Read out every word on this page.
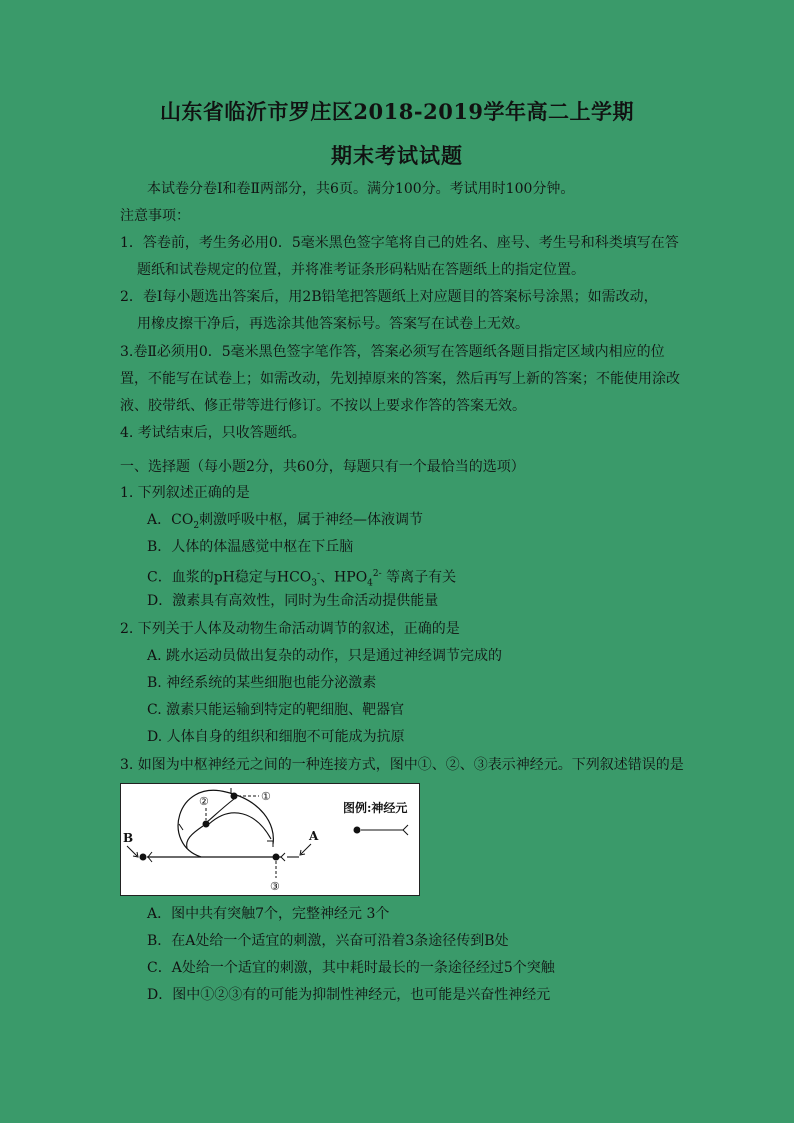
山东省临沂市罗庄区2018-2019学年高二上学期
期末考试试题
本试卷分卷Ⅰ和卷Ⅱ两部分，共6页。满分100分。考试用时100分钟。
注意事项：
1．答卷前，考生务必用0．5毫米黑色签字笔将自己的姓名、座号、考生号和科类填写在答
题纸和试卷规定的位置，并将准考证条形码粘贴在答题纸上的指定位置。
2．卷Ⅰ每小题选出答案后，用2B铅笔把答题纸上对应题目的答案标号涂黑；如需改动，
用橡皮擦干净后，再选涂其他答案标号。答案写在试卷上无效。
3.卷Ⅱ必须用0．5毫米黑色签字笔作答，答案必须写在答题纸各题目指定区域内相应的位
置，不能写在试卷上；如需改动，先划掉原来的答案，然后再写上新的答案；不能使用涂改
液、胶带纸、修正带等进行修订。不按以上要求作答的答案无效。
4. 考试结束后，只收答题纸。
一、选择题（每小题2分，共60分，每题只有一个最恰当的选项）
1. 下列叙述正确的是
A．$CO_2$刺激呼吸中枢，属于神经—体液调节
B．人体的体温感觉中枢在下丘脑
C．血浆的pH稳定与$HCO_3^-$、$HPO_4^{2-}$ 等离子有关
D．激素具有高效性，同时为生命活动提供能量
2. 下列关于人体及动物生命活动调节的叙述，正确的是
A. 跳水运动员做出复杂的动作，只是通过神经调节完成的
B. 神经系统的某些细胞也能分泌激素
C. 激素只能运输到特定的靶细胞、靶器官
D. 人体自身的组织和细胞不可能成为抗原
3. 如图为中枢神经元之间的一种连接方式，图中①、②、③表示神经元。下列叙述错误的是
B
①
②
③
A
图例:神经元
A．图中共有突触7个，完整神经元 3个
B．在A处给一个适宜的刺激，兴奋可沿着3条途径传到B处
C．A处给一个适宜的刺激，其中耗时最长的一条途径经过5个突触
D．图中①②③有的可能为抑制性神经元，也可能是兴奋性神经元
